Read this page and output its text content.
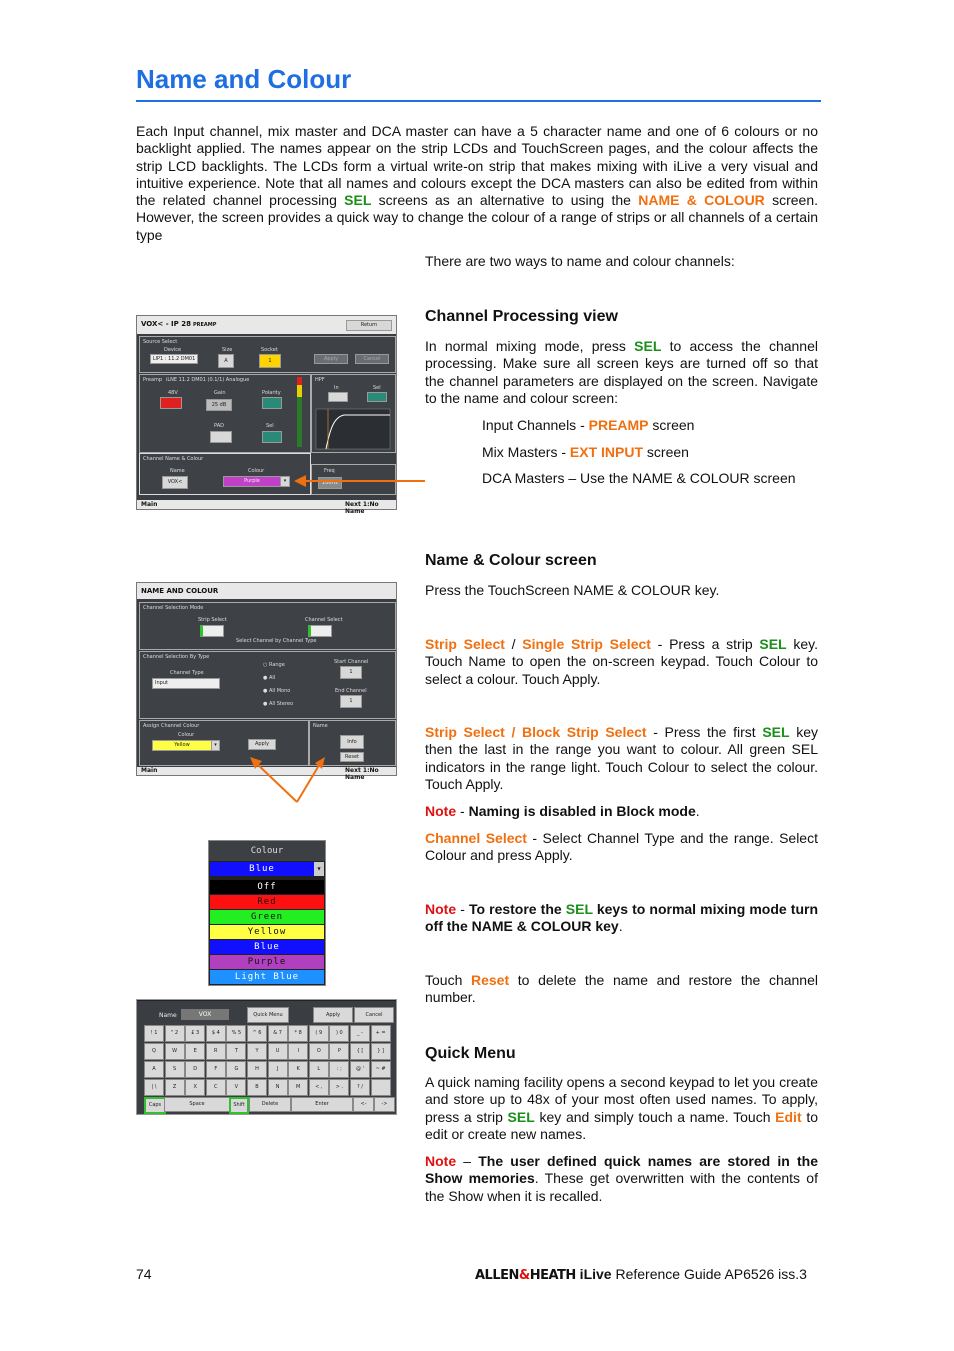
Name and Colour
Each Input channel, mix master and DCA master can have a 5 character name and one of 6 colours or no backlight applied. The names appear on the strip LCDs and TouchScreen pages, and the colour affects the strip LCD backlights. The LCDs form a virtual write-on strip that makes mixing with iLive a very visual and intuitive experience. Note that all names and colours except the DCA masters can also be edited from within the related channel processing SEL screens as an alternative to using the NAME & COLOUR screen. However, the screen provides a quick way to change the colour of a range of strips or all channels of a certain type
There are two ways to name and colour channels:
Channel Processing view
In normal mixing mode, press SEL to access the channel processing. Make sure all screen keys are turned off so that the channel parameters are displayed on the screen. Navigate to the name and colour screen:
Input Channels - PREAMP screen
Mix Masters - EXT INPUT screen
DCA Masters – Use the NAME & COLOUR screen
VOX< - IP 28 PREAMP	Return
Source Select
Device
LIP1 : 11.2 DM01
Size
A
Socket
1	Apply	Cancel
Preamp iLNE 11.2 DM01 (0.1/1) Analogue
48V	Gain
25 dB
Polarity
PAD	Sel
HPF
In	Sel
Channel Name & Colour
Name
VOX<
Colour
Purple	▾
Freq
100Hz
Main	Next 1:No Name
Name & Colour screen
Press the TouchScreen NAME & COLOUR key.
Strip Select / Single Strip Select - Press a strip SEL key. Touch Name to open the on-screen keypad. Touch Colour to select a colour. Touch Apply.
Strip Select / Block Strip Select - Press the first SEL key then the last in the range you want to colour. All green SEL indicators in the range light. Touch Colour to select the colour. Touch Apply.
Note - Naming is disabled in Block mode.
Channel Select - Select Channel Type and the range. Select Colour and press Apply.
Note - To restore the SEL keys to normal mixing mode turn off the NAME & COLOUR key.
Touch Reset to delete the name and restore the channel number.
NAME AND COLOUR
Channel Selection Mode
Strip Select	Channel Select
Select Channel by Channel Type
Channel Selection By Type
Channel Type
Input
○ Range
● All
● All Mono
● All Stereo
Start Channel
1
End Channel
1
Assign Channel Colour
Colour
Yellow	▾	Apply
Name
Info
Reset
Main	Next 1:No Name
Colour
Blue	▾
Off
Red
Green
Yellow
Blue
Purple
Light Blue
Name	VOX	Quick Menu	Apply	Cancel
! 1	" 2	£ 3	$ 4	% 5	^ 6	& 7	* 8	( 9	) 0	_ -	+ =
Q	W	E	R	T	Y	U	I	O	P	{ [	} ]
A	S	D	F	G	H	J	K	L	: ;	@ '	~ #
| \	Z	X	C	V	B	N	M	< ,	> .	? /
Caps	Space	Shift	Delete	Enter	<-	->
Quick Menu
A quick naming facility opens a second keypad to let you create and store up to 48x of your most often used names. To apply, press a strip SEL key and simply touch a name. Touch Edit to edit or create new names.
Note – The user defined quick names are stored in the Show memories. These get overwritten with the contents of the Show when it is recalled.
74	ALLEN&HEATH iLive Reference Guide AP6526 iss.3
